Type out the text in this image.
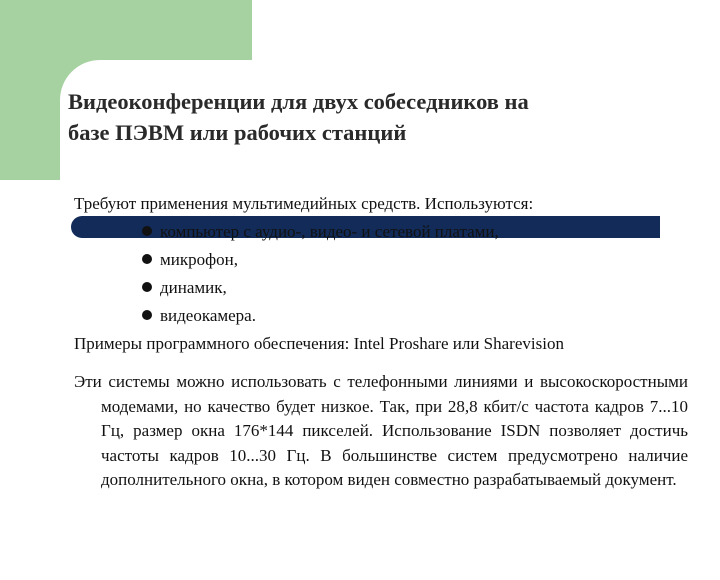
Видеоконференции для двух собеседников на
базе ПЭВМ или рабочих станций
Требуют применения мультимедийных средств. Используются:
компьютер с аудио-, видео- и сетевой платами,
микрофон,
динамик,
видеокамера.
Примеры программного обеспечения: Intel Proshare или Sharevision
Эти системы можно использовать с телефонными линиями и высокоскоростными модемами, но качество будет низкое. Так, при 28,8 кбит/с частота кадров 7...10 Гц, размер окна 176*144 пикселей. Использование ISDN позволяет достичь частоты кадров 10...30 Гц. В большинстве систем предусмотрено наличие дополнительного окна, в котором виден совместно разрабатываемый документ.
